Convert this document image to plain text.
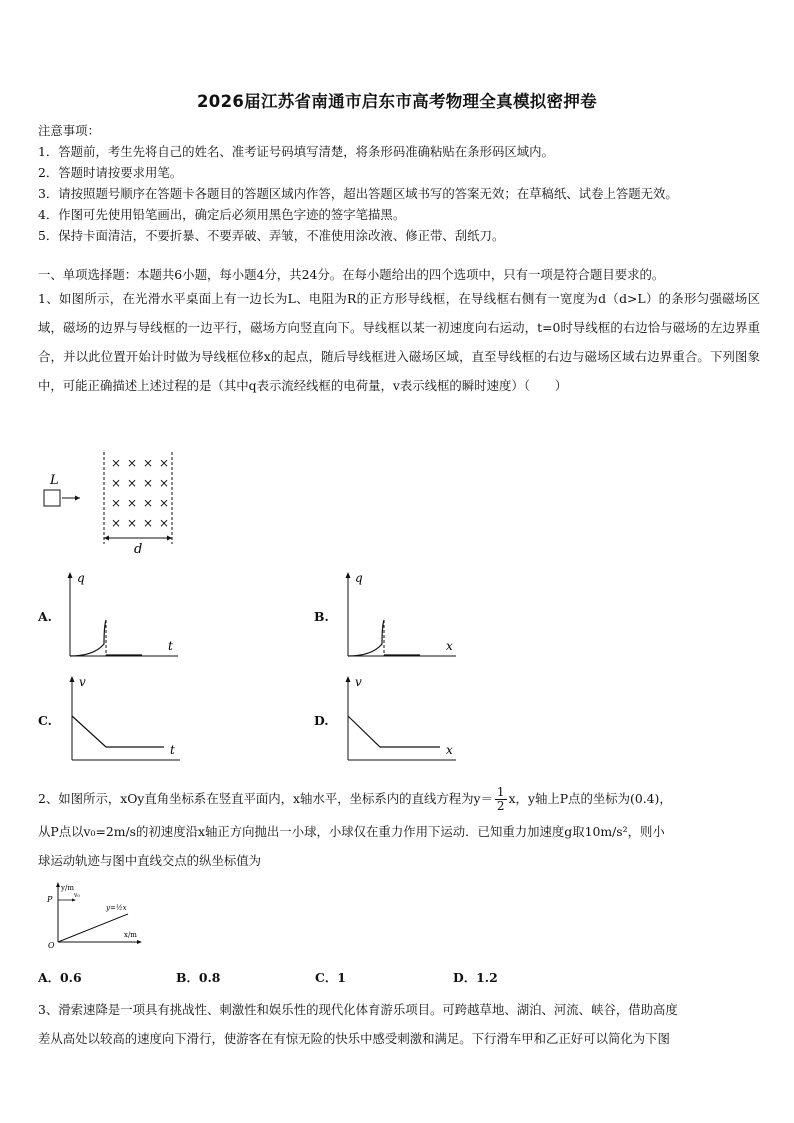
2026届江苏省南通市启东市高考物理全真模拟密押卷
注意事项：
1．答题前，考生先将自己的姓名、准考证号码填写清楚，将条形码准确粘贴在条形码区域内。
2．答题时请按要求用笔。
3．请按照题号顺序在答题卡各题目的答题区域内作答，超出答题区域书写的答案无效；在草稿纸、试卷上答题无效。
4．作图可先使用铅笔画出，确定后必须用黑色字迹的签字笔描黑。
5．保持卡面清洁，不要折暴、不要弄破、弄皱，不准使用涂改液、修正带、刮纸刀。
一、单项选择题：本题共6小题，每小题4分，共24分。在每小题给出的四个选项中，只有一项是符合题目要求的。
1、如图所示，在光滑水平桌面上有一边长为L、电阻为R的正方形导线框，在导线框右侧有一宽度为d（d>L）的条形匀强磁场区域，磁场的边界与导线框的一边平行，磁场方向竖直向下。导线框以某一初速度向右运动，t=0时导线框的右边恰与磁场的左边界重合，并以此位置开始计时做为导线框位移x的起点，随后导线框进入磁场区域，直至导线框的右边与磁场区域右边界重合。下列图象中，可能正确描述上述过程的是（其中q表示流经线框的电荷量，v表示线框的瞬时速度）（　　）
L
× × × ×
× × × ×
× × × ×
× × × ×
d
A.
q
t
B.
q
x
C.
v
t
D.
v
x
2、如图所示，xOy直角坐标系在竖直平面内，x轴水平，坐标系内的直线方程为$y= \frac{1}{2}$ x，y轴上P点的坐标为(0.4)，
从P点以v₀=2m/s的初速度沿x轴正方向抛出一小球，小球仅在重力作用下运动．已知重力加速度g取10m/s²，则小
球运动轨迹与图中直线交点的纵坐标值为
y/m
x/m
P
O
v₀
y=½x
A．0.6	B．0.8	C．1	D．1.2
3、滑索速降是一项具有挑战性、刺激性和娱乐性的现代化体育游乐项目。可跨越草地、湖泊、河流、峡谷，借助高度
差从高处以较高的速度向下滑行，使游客在有惊无险的快乐中感受刺激和满足。下行滑车甲和乙正好可以简化为下图
